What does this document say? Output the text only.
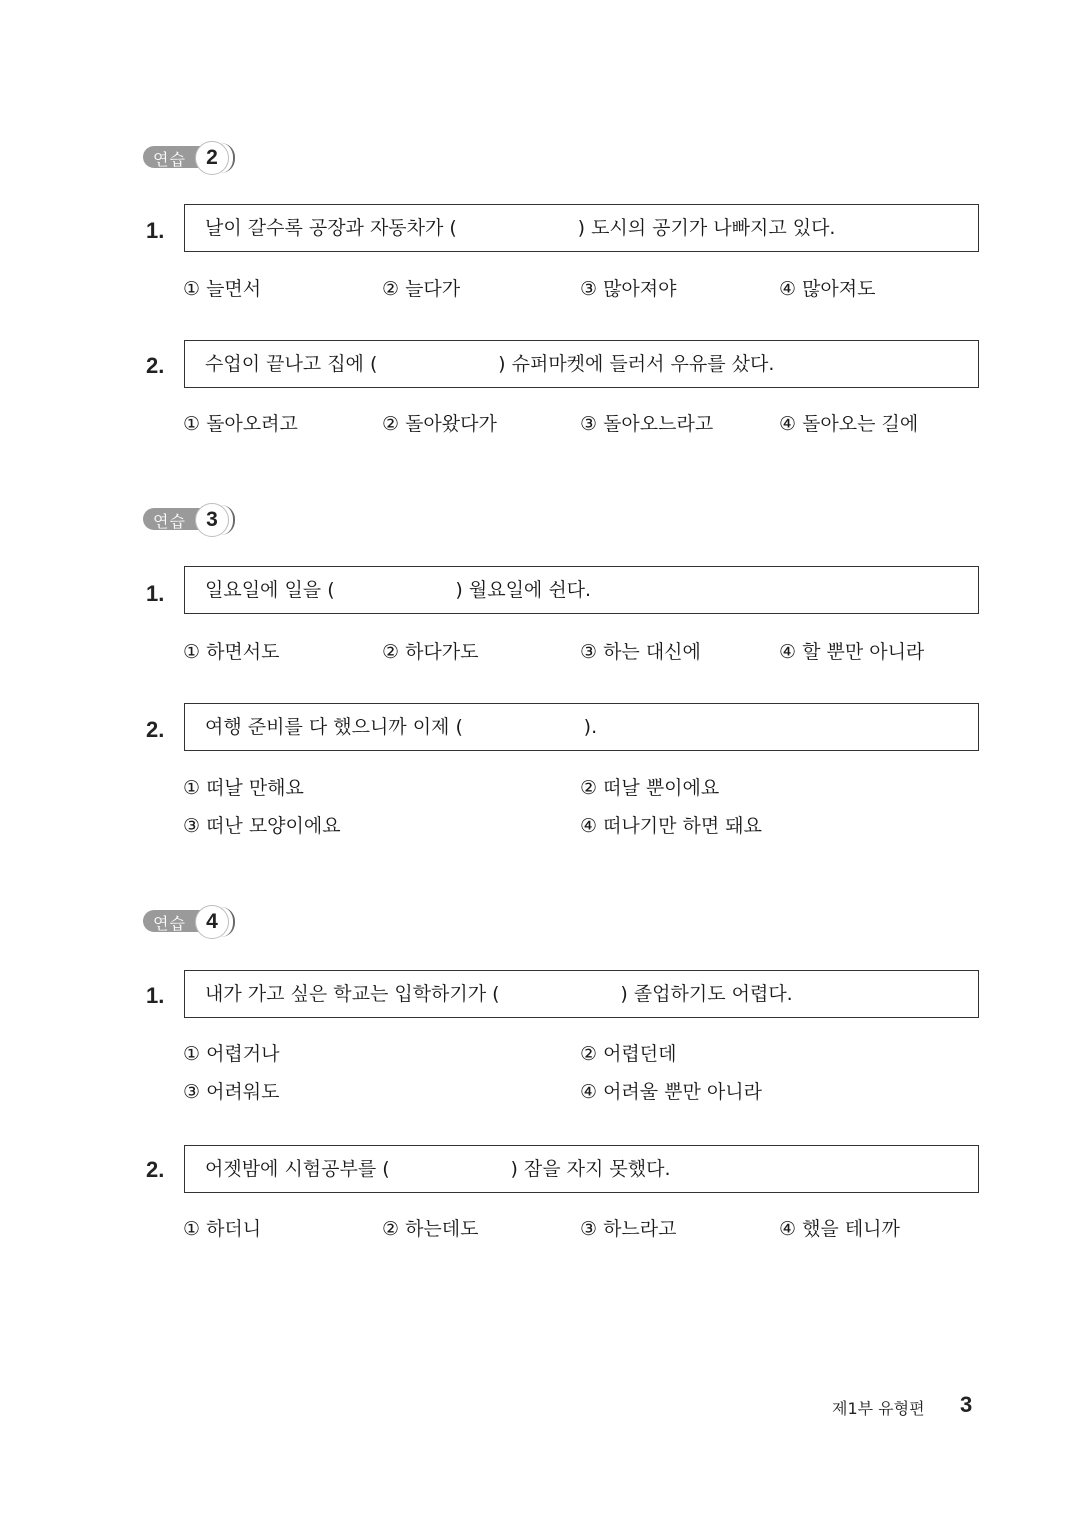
연습 2
1.	날이 갈수록 공장과 자동차가 (                    ) 도시의 공기가 나빠지고 있다.
① 늘면서	② 늘다가	③ 많아져야	④ 많아져도
2.	수업이 끝나고 집에 (                    ) 슈퍼마켓에 들러서 우유를 샀다.
① 돌아오려고	② 돌아왔다가	③ 돌아오느라고	④ 돌아오는 길에
연습 3
1.	일요일에 일을 (                    ) 월요일에 쉰다.
① 하면서도	② 하다가도	③ 하는 대신에	④ 할 뿐만 아니라
2.	여행 준비를 다 했으니까 이제 (                    ).
① 떠날 만해요	② 떠날 뿐이에요
③ 떠난 모양이에요	④ 떠나기만 하면 돼요
연습 4
1.	내가 가고 싶은 학교는 입학하기가 (                    ) 졸업하기도 어렵다.
① 어렵거나	② 어렵던데
③ 어려워도	④ 어려울 뿐만 아니라
2.	어젯밤에 시험공부를 (                    ) 잠을 자지 못했다.
① 하더니	② 하는데도	③ 하느라고	④ 했을 테니까
제1부 유형편 3
